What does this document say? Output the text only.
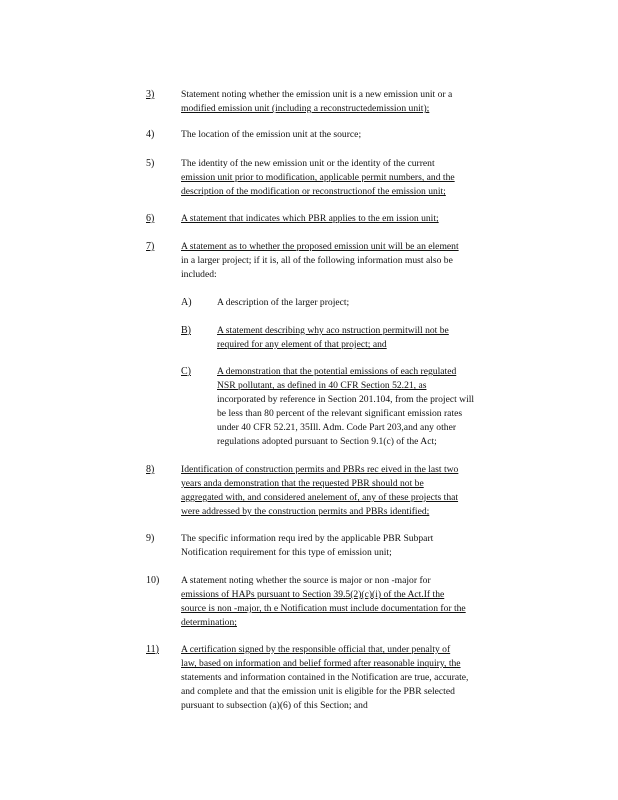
3)	Statement noting whether the emission unit is a new emission unit or a
modified emission unit (including a reconstructedemission unit);
4)	The location of the emission unit at the source;
5)	The identity of the new emission unit or the identity of the current
emission unit prior to modification, applicable permit numbers, and the
description of the modification or reconstructionof the emission unit;
6)	A statement that indicates which PBR applies to the em ission unit;
7)	A statement as to whether the proposed emission unit will be an element
in a larger project; if it is, all of the following information must also be
included:
A)	A description of the larger project;
B)	A statement describing why aco nstruction permitwill not be
required for any element of that project; and
C)	A demonstration that the potential emissions of each regulated
NSR pollutant, as defined in 40 CFR Section 52.21, as
incorporated by reference in Section 201.104, from the project will
be less than 80 percent of the relevant significant emission rates
under 40 CFR 52.21, 35Ill. Adm. Code Part 203,and any other
regulations adopted pursuant to Section 9.1(c) of the Act;
8)	Identification of construction permits and PBRs rec eived in the last two
years anda demonstration that the requested PBR should not be
aggregated with, and considered anelement of, any of these projects that
were addressed by the construction permits and PBRs identified;
9)	The specific information requ ired by the applicable PBR Subpart
Notification requirement for this type of emission unit;
10) A statement noting whether the source is major or non -major for
emissions of HAPs pursuant to Section 39.5(2)(c)(i) of the Act.If the
source is non -major, th e Notification must include documentation for the
determination;
11) A certification signed by the responsible official that, under penalty of
law, based on information and belief formed after reasonable inquiry, the
statements and information contained in the Notification are true, accurate,
and complete and that the emission unit is eligible for the PBR selected
pursuant to subsection (a)(6) of this Section; and
